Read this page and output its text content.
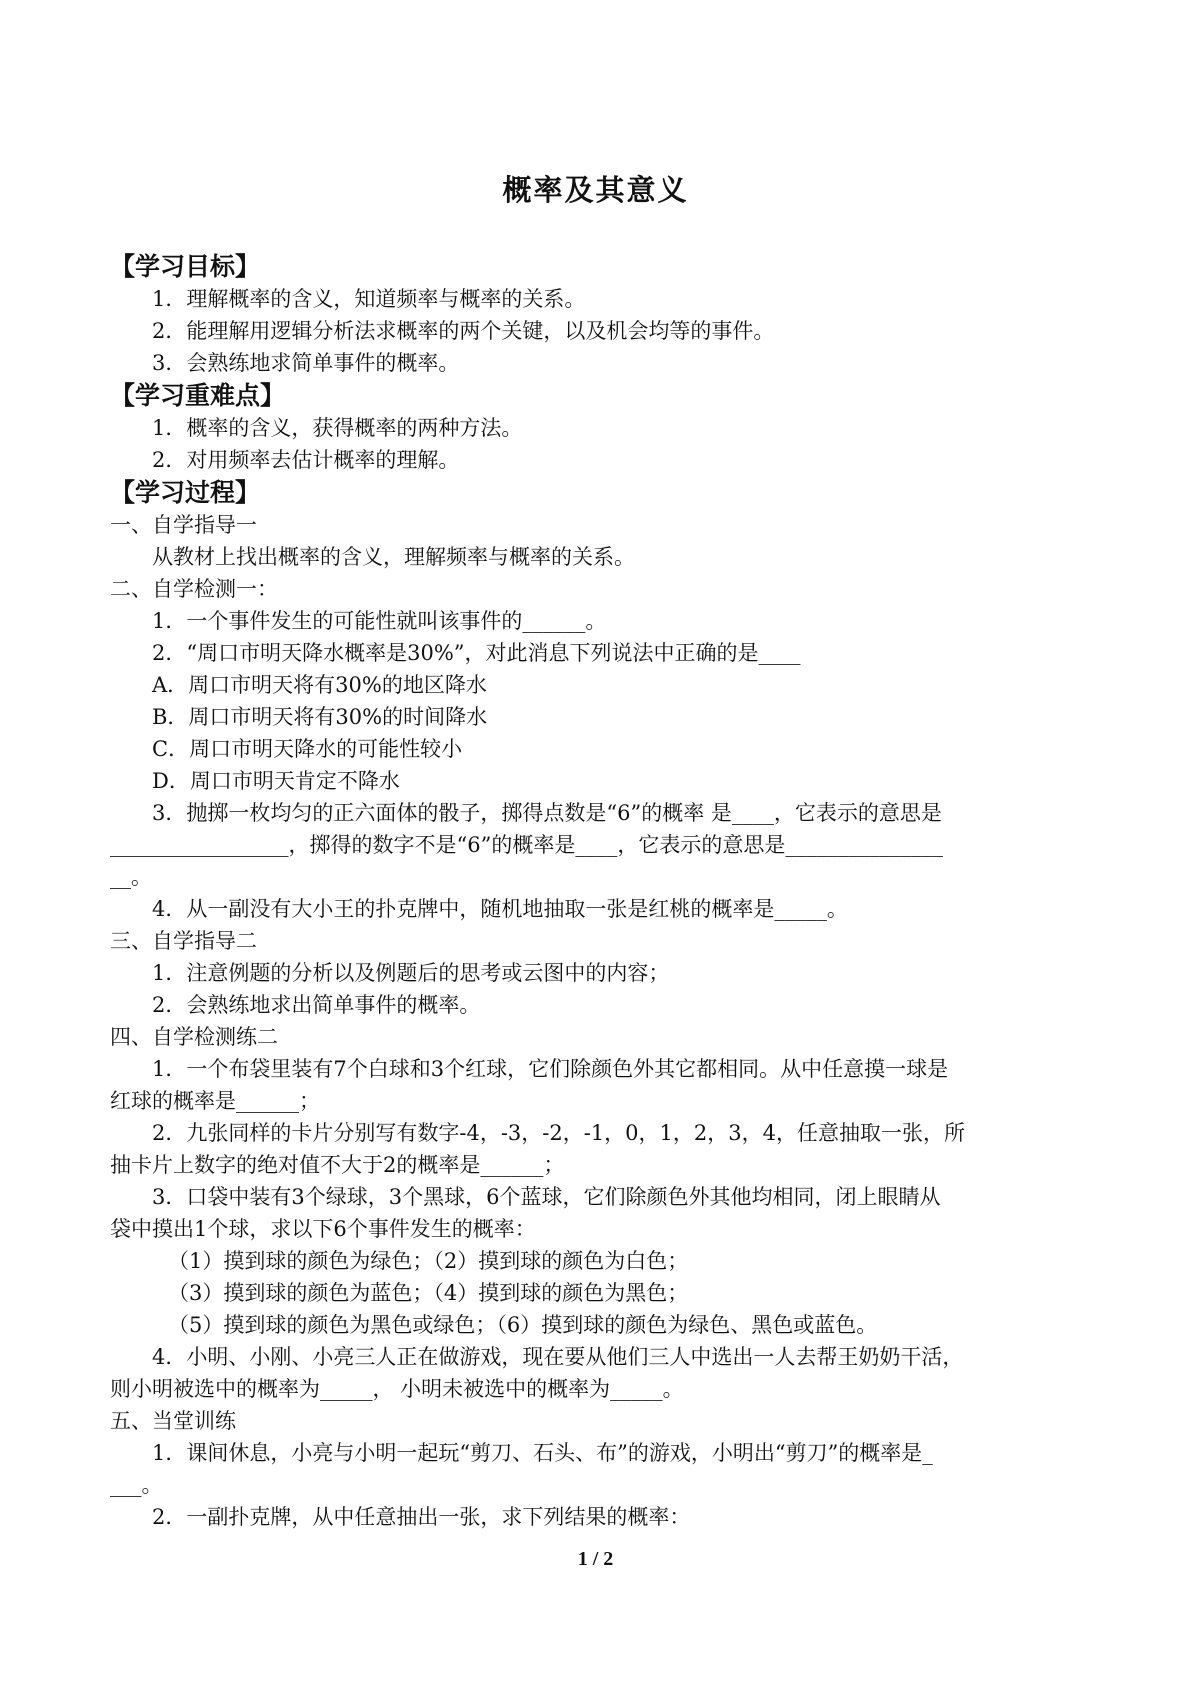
概率及其意义

【学习目标】

1．理解概率的含义，知道频率与概率的关系。

2．能理解用逻辑分析法求概率的两个关键，以及机会均等的事件。

3．会熟练地求简单事件的概率。

【学习重难点】

1．概率的含义，获得概率的两种方法。

2．对用频率去估计概率的理解。

【学习过程】

一、自学指导一

从教材上找出概率的含义，理解频率与概率的关系。

二、自学检测一：

1．一个事件发生的可能性就叫该事件的______。

2．“周口市明天降水概率是30%”，对此消息下列说法中正确的是____

A．周口市明天将有30%的地区降水

B．周口市明天将有30%的时间降水

C．周口市明天降水的可能性较小

D．周口市明天肯定不降水

3．抛掷一枚均匀的正六面体的骰子，掷得点数是“6”的概率 是____，它表示的意思是

_________________，掷得的数字不是“6”的概率是____，它表示的意思是_______________

__。

4．从一副没有大小王的扑克牌中，随机地抽取一张是红桃的概率是_____。

三、自学指导二

1．注意例题的分析以及例题后的思考或云图中的内容；

2．会熟练地求出简单事件的概率。

四、自学检测练二

1．一个布袋里装有7个白球和3个红球，它们除颜色外其它都相同。从中任意摸一球是

红球的概率是______；

2．九张同样的卡片分别写有数字-4，-3，-2，-1，0，1，2，3，4，任意抽取一张，所

抽卡片上数字的绝对值不大于2的概率是______；

3．口袋中装有3个绿球，3个黑球，6个蓝球，它们除颜色外其他均相同，闭上眼睛从

袋中摸出1个球，求以下6个事件发生的概率：

（1）摸到球的颜色为绿色；（2）摸到球的颜色为白色；

（3）摸到球的颜色为蓝色；（4）摸到球的颜色为黑色；

（5）摸到球的颜色为黑色或绿色；（6）摸到球的颜色为绿色、黑色或蓝色。

4．小明、小刚、小亮三人正在做游戏，现在要从他们三人中选出一人去帮王奶奶干活，

则小明被选中的概率为_____， 小明未被选中的概率为_____。

五、当堂训练

1．课间休息，小亮与小明一起玩“剪刀、石头、布”的游戏，小明出“剪刀”的概率是_

___。

2．一副扑克牌，从中任意抽出一张，求下列结果的概率：

1 / 2
